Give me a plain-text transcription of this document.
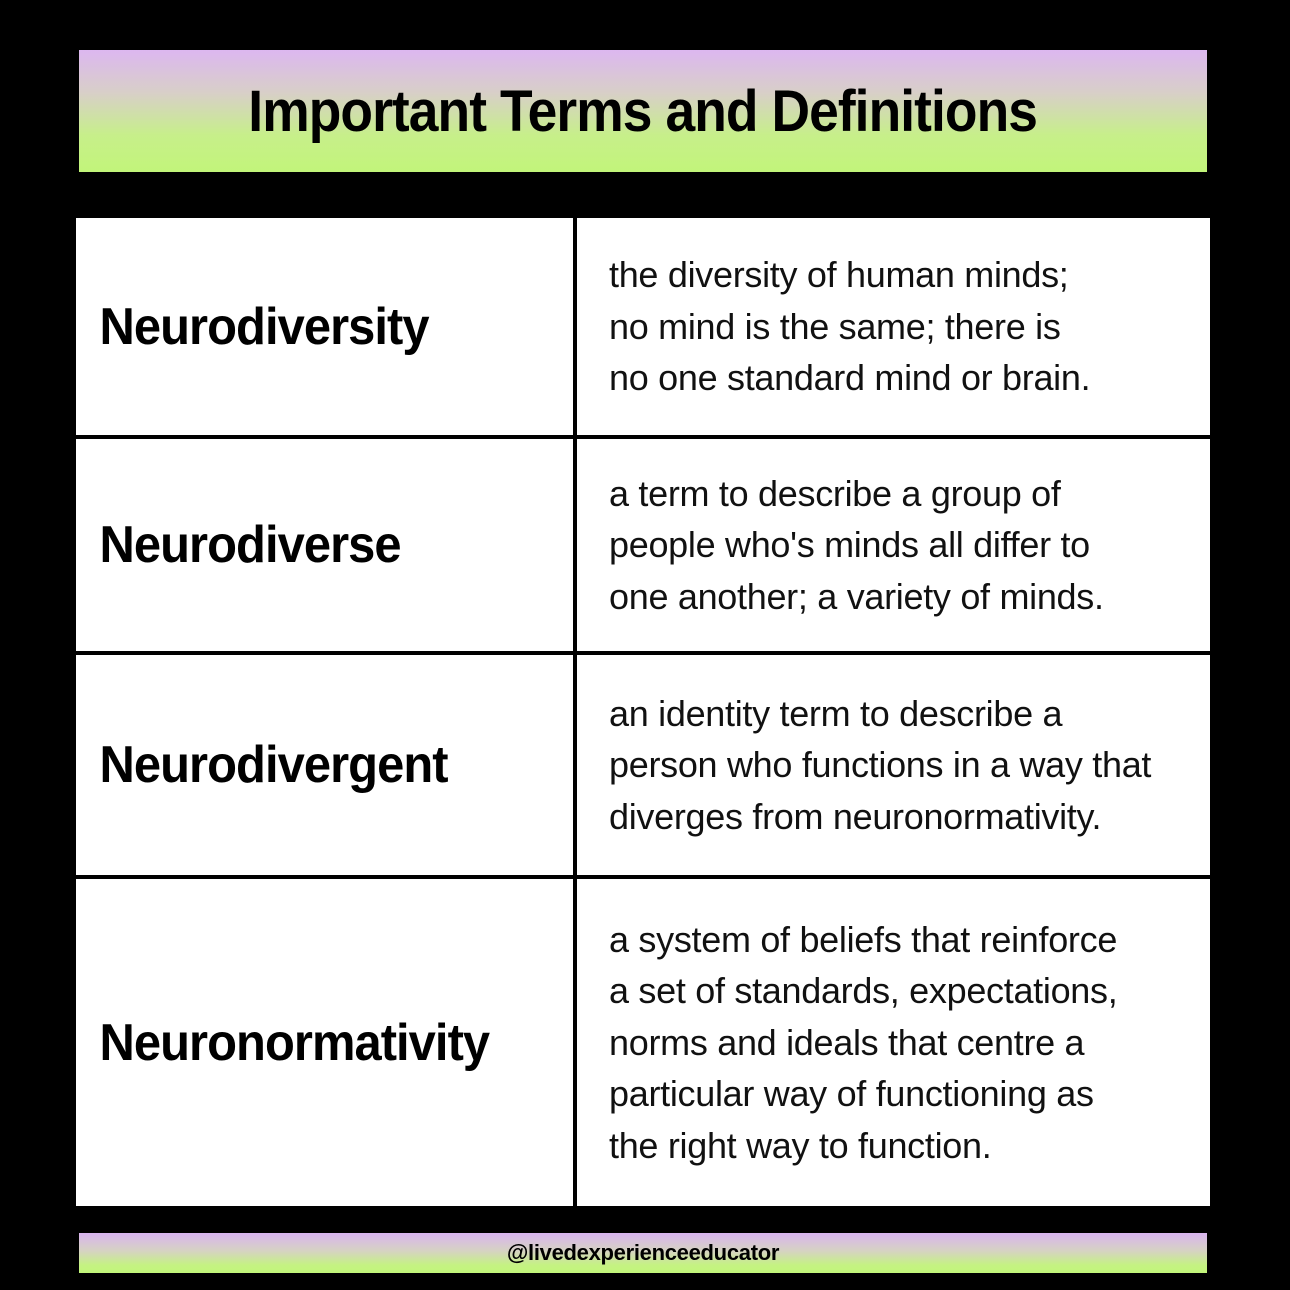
Important Terms and Definitions
Neurodiversity	the diversity of human minds;
no mind is the same; there is
no one standard mind or brain.

Neurodiverse	a term to describe a group of
people who's minds all differ to
one another; a variety of minds.

Neurodivergent	an identity term to describe a
person who functions in a way that
diverges from neuronormativity.

Neuronormativity	a system of beliefs that reinforce
a set of standards, expectations,
norms and ideals that centre a
particular way of functioning as
the right way to function.
@livedexperienceeducator
